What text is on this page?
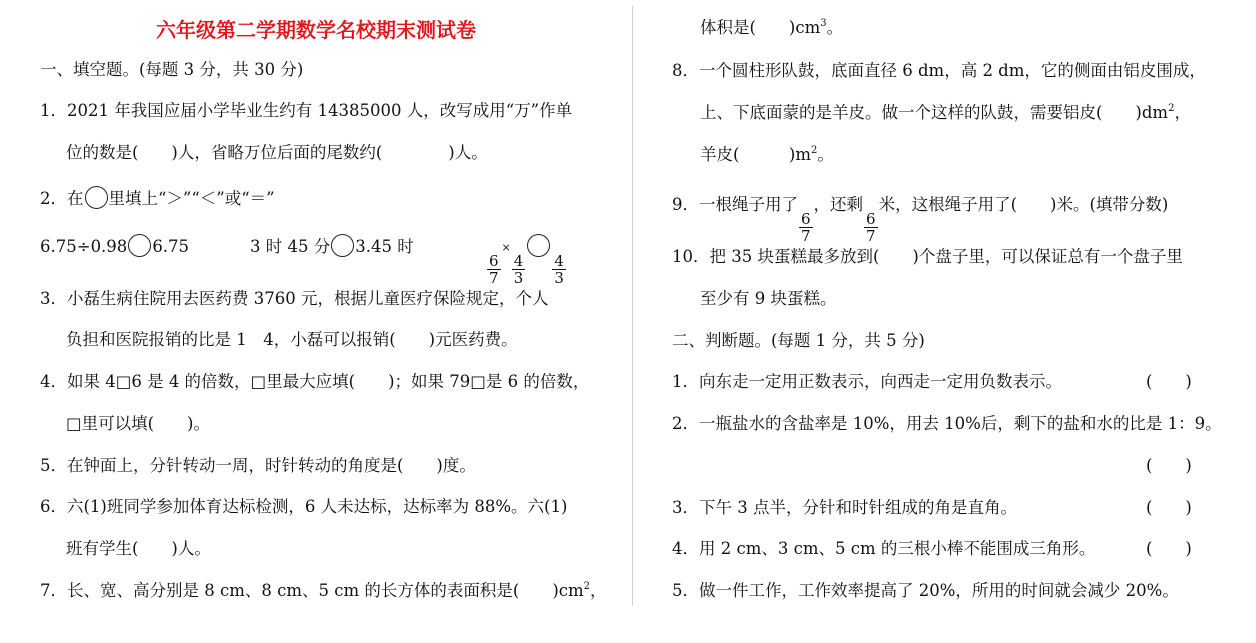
六年级第二学期数学名校期末测试卷
一、填空题。(每题 3 分，共 30 分)
1．2021 年我国应届小学毕业生约有 14385000 人，改写成用“万”作单
位的数是(　　)人，省略万位后面的尾数约(　　　　)人。
2．在 里填上“＞”“＜”或“＝”
6.75÷0.98 6.75	3 时 45 分 3.45 时
$\frac{6}{7}$
×
$\frac{4}{3} \frac{4}{3}$
3．小磊生病住院用去医药费 3760 元，根据儿童医疗保险规定，个人
负担和医院报销的比是 1　4，小磊可以报销(　　)元医药费。
4．如果 4□6 是 4 的倍数，□里最大应填(　　)；如果 79□是 6 的倍数，
□里可以填(　　)。
5．在钟面上，分针转动一周，时针转动的角度是(　　)度。
6．六(1)班同学参加体育达标检测，6 人未达标，达标率为 88%。六(1)
班有学生(　　)人。
7．长、宽、高分别是 8 cm、8 cm、5 cm 的长方体的表面积是(　　)$cm^2$，
体积是(　　)$cm^3$。
8．一个圆柱形队鼓，底面直径 6 dm，高 2 dm，它的侧面由铝皮围成，
上、下底面蒙的是羊皮。做一个这样的队鼓，需要铝皮(　　)$dm^2$，
羊皮(　　　)$m^2$。
9．一根绳子用了
$\frac{6}{7}$
，还剩
$\frac{6}{7}$
米，这根绳子用了(　　)米。(填带分数)
10．把 35 块蛋糕最多放到(　　)个盘子里，可以保证总有一个盘子里
至少有 9 块蛋糕。
二、判断题。(每题 1 分，共 5 分)
1．向东走一定用正数表示，向西走一定用负数表示。	(　　)
2．一瓶盐水的含盐率是 10%，用去 10%后，剩下的盐和水的比是 1：9。
(　　)
3．下午 3 点半，分针和时针组成的角是直角。	(　　)
4．用 2 cm、3 cm、5 cm 的三根小棒不能围成三角形。	(　　)
5．做一件工作，工作效率提高了 20%，所用的时间就会减少 20%。
